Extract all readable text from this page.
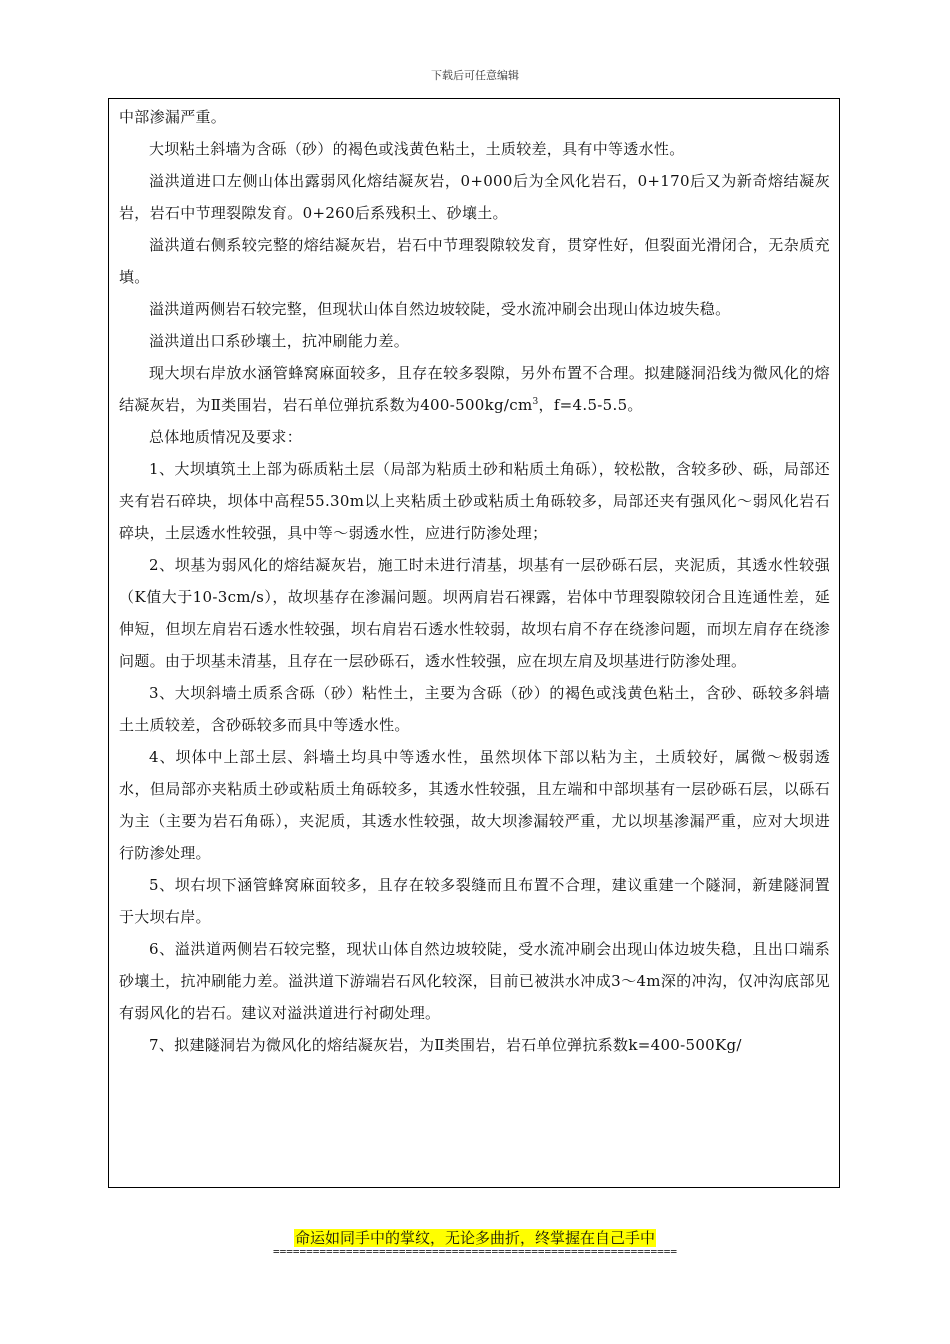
下载后可任意编辑

中部渗漏严重。

大坝粘土斜墙为含砾（砂）的褐色或浅黄色粘土，土质较差，具有中等透水性。

溢洪道进口左侧山体出露弱风化熔结凝灰岩，0+000后为全风化岩石，0+170后又为新奇熔结凝灰岩，岩石中节理裂隙发育。0+260后系残积土、砂壤土。

溢洪道右侧系较完整的熔结凝灰岩，岩石中节理裂隙较发育，贯穿性好，但裂面光滑闭合，无杂质充填。

溢洪道两侧岩石较完整，但现状山体自然边坡较陡，受水流冲刷会出现山体边坡失稳。

溢洪道出口系砂壤土，抗冲刷能力差。

现大坝右岸放水涵管蜂窝麻面较多，且存在较多裂隙，另外布置不合理。拟建隧洞沿线为微风化的熔结凝灰岩，为Ⅱ类围岩，岩石单位弹抗系数为$400-500kg/cm^3$，f=4.5-5.5。

总体地质情况及要求：

1、大坝填筑土上部为砾质粘土层（局部为粘质土砂和粘质土角砾），较松散，含较多砂、砾，局部还夹有岩石碎块，坝体中高程55.30m以上夹粘质土砂或粘质土角砾较多，局部还夹有强风化～弱风化岩石碎块，土层透水性较强，具中等～弱透水性，应进行防渗处理；

2、坝基为弱风化的熔结凝灰岩，施工时未进行清基，坝基有一层砂砾石层，夹泥质，其透水性较强（K值大于10-3cm/s），故坝基存在渗漏问题。坝两肩岩石裸露，岩体中节理裂隙较闭合且连通性差，延伸短，但坝左肩岩石透水性较强，坝右肩岩石透水性较弱，故坝右肩不存在绕渗问题，而坝左肩存在绕渗问题。由于坝基未清基，且存在一层砂砾石，透水性较强，应在坝左肩及坝基进行防渗处理。

3、大坝斜墙土质系含砾（砂）粘性土，主要为含砾（砂）的褐色或浅黄色粘土，含砂、砾较多斜墙土土质较差，含砂砾较多而具中等透水性。

4、坝体中上部土层、斜墙土均具中等透水性，虽然坝体下部以粘为主，土质较好，属微～极弱透水，但局部亦夹粘质土砂或粘质土角砾较多，其透水性较强，且左端和中部坝基有一层砂砾石层，以砾石为主（主要为岩石角砾），夹泥质，其透水性较强，故大坝渗漏较严重，尤以坝基渗漏严重，应对大坝进行防渗处理。

5、坝右坝下涵管蜂窝麻面较多，且存在较多裂缝而且布置不合理，建议重建一个隧洞，新建隧洞置于大坝右岸。

6、溢洪道两侧岩石较完整，现状山体自然边坡较陡，受水流冲刷会出现山体边坡失稳，且出口端系砂壤土，抗冲刷能力差。溢洪道下游端岩石风化较深，目前已被洪水冲成3～4m深的冲沟，仅冲沟底部见有弱风化的岩石。建议对溢洪道进行衬砌处理。

7、拟建隧洞岩为微风化的熔结凝灰岩，为Ⅱ类围岩，岩石单位弹抗系数k=400-500Kg/

命运如同手中的掌纹，无论多曲折，终掌握在自己手中
=============================================================
